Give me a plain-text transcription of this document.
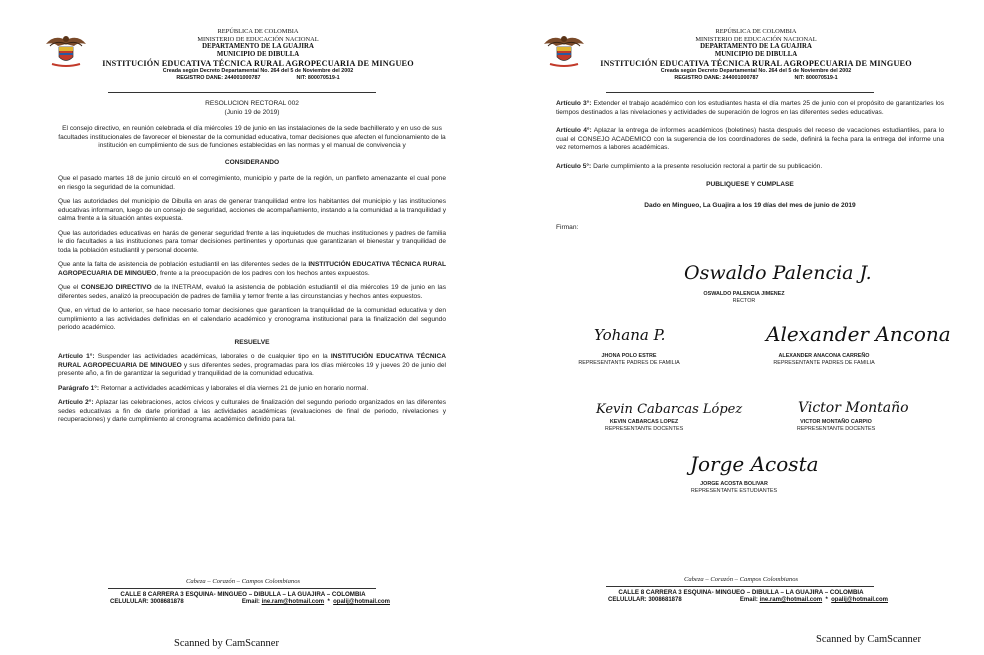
REPÚBLICA DE COLOMBIA
MINISTERIO DE EDUCACIÓN NACIONAL
DEPARTAMENTO DE LA GUAJIRA
MUNICIPIO DE DIBULLA
INSTITUCIÓN EDUCATIVA TÉCNICA RURAL AGROPECUARIA DE MINGUEO
Creada según Decreto Departamental No. 264 del 5 de Noviembre del 2002
REGISTRO DANE: 244001000787	NIT: 800070519-1
RESOLUCION RECTORAL 002
(Junio 19 de 2019)

El consejo directivo, en reunión celebrada el día miércoles 19 de junio en las instalaciones de la sede bachillerato y en uso de sus facultades institucionales de favorecer el bienestar de la comunidad educativa, tomar decisiones que afecten el funcionamiento de la institución en cumplimiento de sus de funciones establecidas en las normas y el manual de convivencia y

CONSIDERANDO

Que el pasado martes 18 de junio circuló en el corregimiento, municipio y parte de la región, un panfleto amenazante el cual pone en riesgo la seguridad de la comunidad.

Que las autoridades del municipio de Dibulla en aras de generar tranquilidad entre los habitantes del municipio y las instituciones educativas informaron, luego de un consejo de seguridad, acciones de acompañamiento, instando a la comunidad a la tranquilidad y calma frente a la situación antes expuesta.

Que las autoridades educativas en harás de generar seguridad frente a las inquietudes de muchas instituciones y padres de familia le dio facultades a las instituciones para tomar decisiones pertinentes y oportunas que garantizaran el bienestar y tranquilidad de toda la población estudiantil y personal docente.

Que ante la falta de asistencia de población estudiantil en las diferentes sedes de la INSTITUCIÓN EDUCATIVA TÉCNICA RURAL AGROPECUARIA DE MINGUEO, frente a la preocupación de los padres con los hechos antes expuestos.

Que el CONSEJO DIRECTIVO de la INETRAM, evaluó la asistencia de población estudiantil el día miércoles 19 de junio en las diferentes sedes, analizó la preocupación de padres de familia y temor frente a las circunstancias y hechos antes expuestos.

Que, en virtud de lo anterior, se hace necesario tomar decisiones que garanticen la tranquilidad de la comunidad educativa y den cumplimiento a las actividades definidas en el calendario académico y cronograma institucional para la finalización del segundo periodo académico.

RESUELVE

Artículo 1°: Suspender las actividades académicas, laborales o de cualquier tipo en la INSTITUCIÓN EDUCATIVA TÉCNICA RURAL AGROPECUARIA DE MINGUEO y sus diferentes sedes, programadas para los días miércoles 19 y jueves 20 de junio del presente año, a fin de garantizar la seguridad y tranquilidad de la comunidad educativa.

Parágrafo 1°: Retornar a actividades académicas y laborales el día viernes 21 de junio en horario normal.

Artículo 2°: Aplazar las celebraciones, actos cívicos y culturales de finalización del segundo periodo organizados en las diferentes sedes educativas a fin de darle prioridad a las actividades académicas (evaluaciones de final de periodo, nivelaciones y recuperaciones) y darle cumplimiento al cronograma académico definido para tal.

Cabeza – Corazón – Campos Colombianos
CALLE 8 CARRERA 3 ESQUINA- MINGUEO – DIBULLA – LA GUAJIRA – COLOMBIA
CELULULAR: 3008681878	Email: ine.ram@hotmail.com * opalij@hotmail.com
Scanned by CamScanner
REPÚBLICA DE COLOMBIA
MINISTERIO DE EDUCACIÓN NACIONAL
DEPARTAMENTO DE LA GUAJIRA
MUNICIPIO DE DIBULLA
INSTITUCIÓN EDUCATIVA TÉCNICA RURAL AGROPECUARIA DE MINGUEO
Creada según Decreto Departamental No. 264 del 5 de Noviembre del 2002
REGISTRO DANE: 244001000787	NIT: 800070519-1

Artículo 3°: Extender el trabajo académico con los estudiantes hasta el día martes 25 de junio con el propósito de garantizarles los tiempos destinados a las nivelaciones y actividades de superación de logros en las diferentes sedes educativas.

Artículo 4°: Aplazar la entrega de informes académicos (boletines) hasta después del receso de vacaciones estudiantiles, para lo cual el CONSEJO ACADEMICO con la sugerencia de los coordinadores de sede, definirá la fecha para la entrega del informe una vez retornemos a labores académicas.

Artículo 5°: Darle cumplimiento a la presente resolución rectoral a partir de su publicación.

PUBLIQUESE Y CUMPLASE

Dado en Mingueo, La Guajira a los 19 días del mes de junio de 2019

Firman:

Oswaldo Palencia J.
OSWALDO PALENCIA JIMENEZ
RECTOR
Yohana P.
JHONA POLO ESTRE
REPRESENTANTE PADRES DE FAMILIA
Alexander Ancona
ALEXANDER ANACONA CARREÑO
REPRESENTANTE PADRES DE FAMILIA
Kevin Cabarcas López
KEVIN CABARCAS LOPEZ
REPRESENTANTE DOCENTES
Victor Montaño
VICTOR MONTAÑO CARPIO
REPRESENTANTE DOCENTES
Jorge Acosta
JORGE ACOSTA BOLIVAR
REPRESENTANTE ESTUDIANTES
Cabeza – Corazón – Campos Colombianos
CALLE 8 CARRERA 3 ESQUINA- MINGUEO – DIBULLA – LA GUAJIRA – COLOMBIA
CELULULAR: 3008681878	Email: ine.ram@hotmail.com * opalij@hotmail.com
Scanned by CamScanner
